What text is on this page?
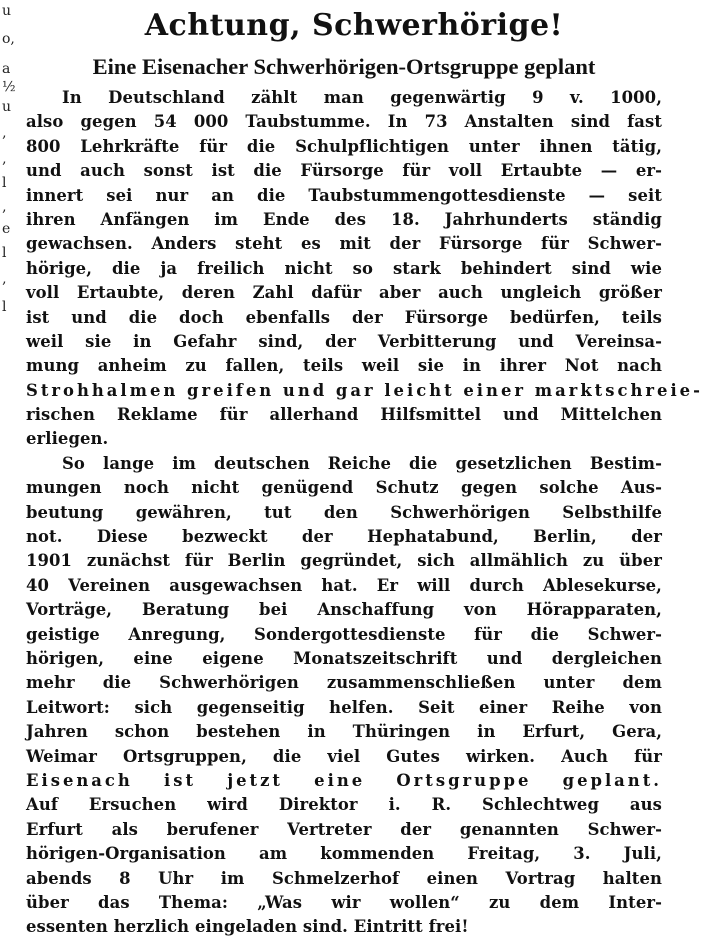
u
o,
a
½
u
‚
‚
l
‚
e
l
‚
l
Achtung, Schwerhörige!
Eine Eisenacher Schwerhörigen-Ortsgruppe geplant
In Deutschland zählt man gegenwärtig 9 v. 1000,
also gegen 54 000 Taubstumme. In 73 Anstalten sind fast
800 Lehrkräfte für die Schulpflichtigen unter ihnen tätig,
und auch sonst ist die Fürsorge für voll Ertaubte — er-
innert sei nur an die Taubstummengottesdienste — seit
ihren Anfängen im Ende des 18. Jahrhunderts ständig
gewachsen. Anders steht es mit der Fürsorge für Schwer-
hörige, die ja freilich nicht so stark behindert sind wie
voll Ertaubte, deren Zahl dafür aber auch ungleich größer
ist und die doch ebenfalls der Fürsorge bedürfen, teils
weil sie in Gefahr sind, der Verbitterung und Vereinsa-
mung anheim zu fallen, teils weil sie in ihrer Not nach
Strohhalmen greifen und gar leicht einer marktschreie-
rischen Reklame für allerhand Hilfsmittel und Mittelchen
erliegen.
So lange im deutschen Reiche die gesetzlichen Bestim-
mungen noch nicht genügend Schutz gegen solche Aus-
beutung gewähren, tut den Schwerhörigen Selbsthilfe
not. Diese bezweckt der Hephatabund, Berlin, der
1901 zunächst für Berlin gegründet, sich allmählich zu über
40 Vereinen ausgewachsen hat. Er will durch Ablesekurse,
Vorträge, Beratung bei Anschaffung von Hörapparaten,
geistige Anregung, Sondergottesdienste für die Schwer-
hörigen, eine eigene Monatszeitschrift und dergleichen
mehr die Schwerhörigen zusammenschließen unter dem
Leitwort: sich gegenseitig helfen. Seit einer Reihe von
Jahren schon bestehen in Thüringen in Erfurt, Gera,
Weimar Ortsgruppen, die viel Gutes wirken. Auch für
Eisenach ist jetzt eine Ortsgruppe geplant.
Auf Ersuchen wird Direktor i. R. Schlechtweg aus
Erfurt als berufener Vertreter der genannten Schwer-
hörigen-Organisation am kommenden Freitag, 3. Juli,
abends 8 Uhr im Schmelzerhof einen Vortrag halten
über das Thema: „Was wir wollen“ zu dem Inter-
essenten herzlich eingeladen sind. Eintritt frei!
